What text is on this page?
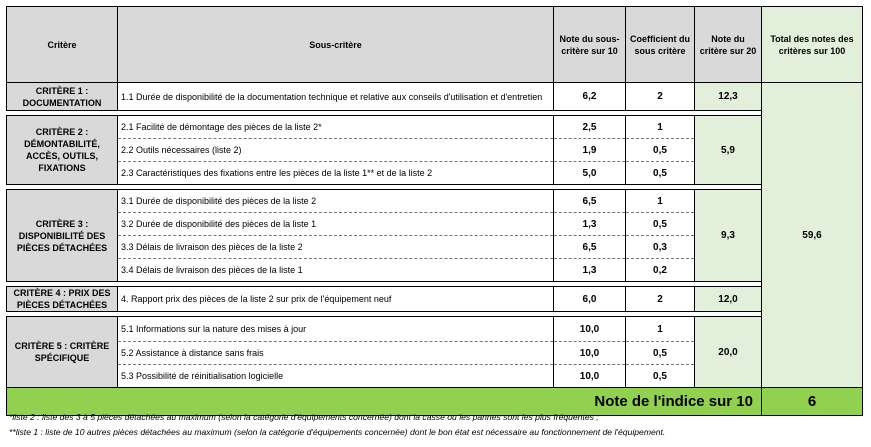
Critère	Sous-critère	Note du sous-critère sur 10	Coefficient du sous critère	Note du critère sur 20	Total des notes des critères sur 100
CRITÈRE 1 : DOCUMENTATION	1.1 Durée de disponibilité de la documentation technique et relative aux conseils d'utilisation et d'entretien	6,2	2	12,3	59,6

CRITÈRE 2 : DÉMONTABILITÉ, ACCÈS, OUTILS, FIXATIONS	2.1 Facilité de démontage des pièces de la liste 2*	2,5	1	5,9	
	2.2 Outils nécessaires (liste 2)	1,9	0,5		
	2.3 Caractéristiques des fixations entre les pièces de la liste 1** et de la liste 2	5,0	0,5		

CRITÈRE 3 : DISPONIBILITÉ DES PIÈCES DÉTACHÉES	3.1 Durée de disponibilité des pièces de la liste 2	6,5	1	9,3	
	3.2 Durée de disponibilité des pièces de la liste 1	1,3	0,5		
	3.3 Délais de livraison des pièces de la liste 2	6,5	0,3		
	3.4 Délais de livraison des pièces de la liste 1	1,3	0,2		

CRITÈRE 4 : PRIX DES PIÈCES DÉTACHÉES	4. Rapport prix des pièces de la liste 2 sur prix de l'équipement neuf	6,0	2	12,0	

CRITÈRE 5 : CRITÈRE SPÉCIFIQUE	5.1 Informations sur la nature des mises à jour	10,0	1	20,0	
	5.2 Assistance à distance sans frais	10,0	0,5		
	5.3 Possibilité de réinitialisation logicielle	10,0	0,5		
Note de l'indice sur 10					6
*liste 2 : liste des 3 à 5 pièces détachées au maximum (selon la catégorie d'équipements concernée) dont la casse ou les pannes sont les plus fréquentes ;
**liste 1 : liste de 10 autres pièces détachées au maximum (selon la catégorie d'équipements concernée) dont le bon état est nécessaire au fonctionnement de l'équipement.
